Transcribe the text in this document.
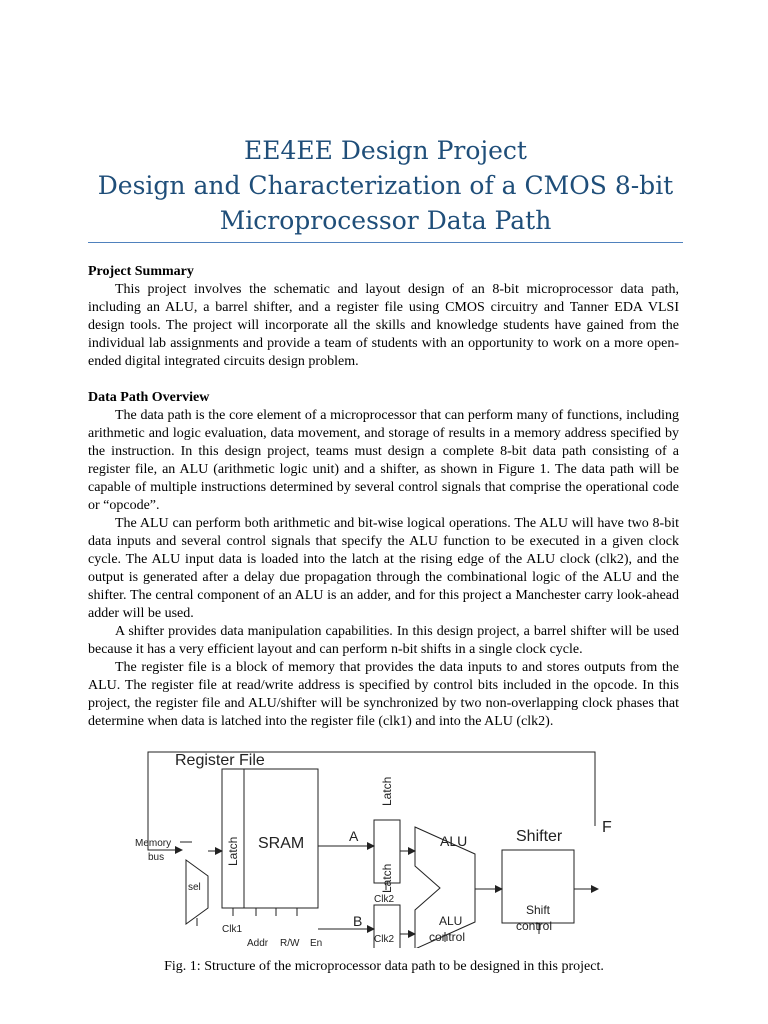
EE4EE Design Project
Design and Characterization of a CMOS 8-bit
Microprocessor Data Path

Project Summary

This project involves the schematic and layout design of an 8-bit microprocessor data path, including an ALU, a barrel shifter, and a register file using CMOS circuitry and Tanner EDA VLSI design tools. The project will incorporate all the skills and knowledge students have gained from the individual lab assignments and provide a team of students with an opportunity to work on a more open-ended digital integrated circuits design problem.

Data Path Overview

The data path is the core element of a microprocessor that can perform many of functions, including arithmetic and logic evaluation, data movement, and storage of results in a memory address specified by the instruction. In this design project, teams must design a complete 8-bit data path consisting of a register file, an ALU (arithmetic logic unit) and a shifter, as shown in Figure 1. The data path will be capable of multiple instructions determined by several control signals that comprise the operational code or “opcode”.

The ALU can perform both arithmetic and bit-wise logical operations. The ALU will have two 8-bit data inputs and several control signals that specify the ALU function to be executed in a given clock cycle. The ALU input data is loaded into the latch at the rising edge of the ALU clock (clk2), and the output is generated after a delay due propagation through the combinational logic of the ALU and the shifter. The central component of an ALU is an adder, and for this project a Manchester carry look-ahead adder will be used.

A shifter provides data manipulation capabilities. In this design project, a barrel shifter will be used because it has a very efficient layout and can perform n-bit shifts in a single clock cycle.

The register file is a block of memory that provides the data inputs to and stores outputs from the ALU. The register file at read/write address is specified by control bits included in the opcode. In this project, the register file and ALU/shifter will be synchronized by two non-overlapping clock phases that determine when data is latched into the register file (clk1) and into the ALU (clk2).

Register File
Memory
bus
sel
Latch SRAM
Clk1
Addr R/W En
A
B
Latch
Latch
Clk2
Clk2
ALU
ALU
control
Shifter
Shift
control
F
Fig. 1: Structure of the microprocessor data path to be designed in this project.
